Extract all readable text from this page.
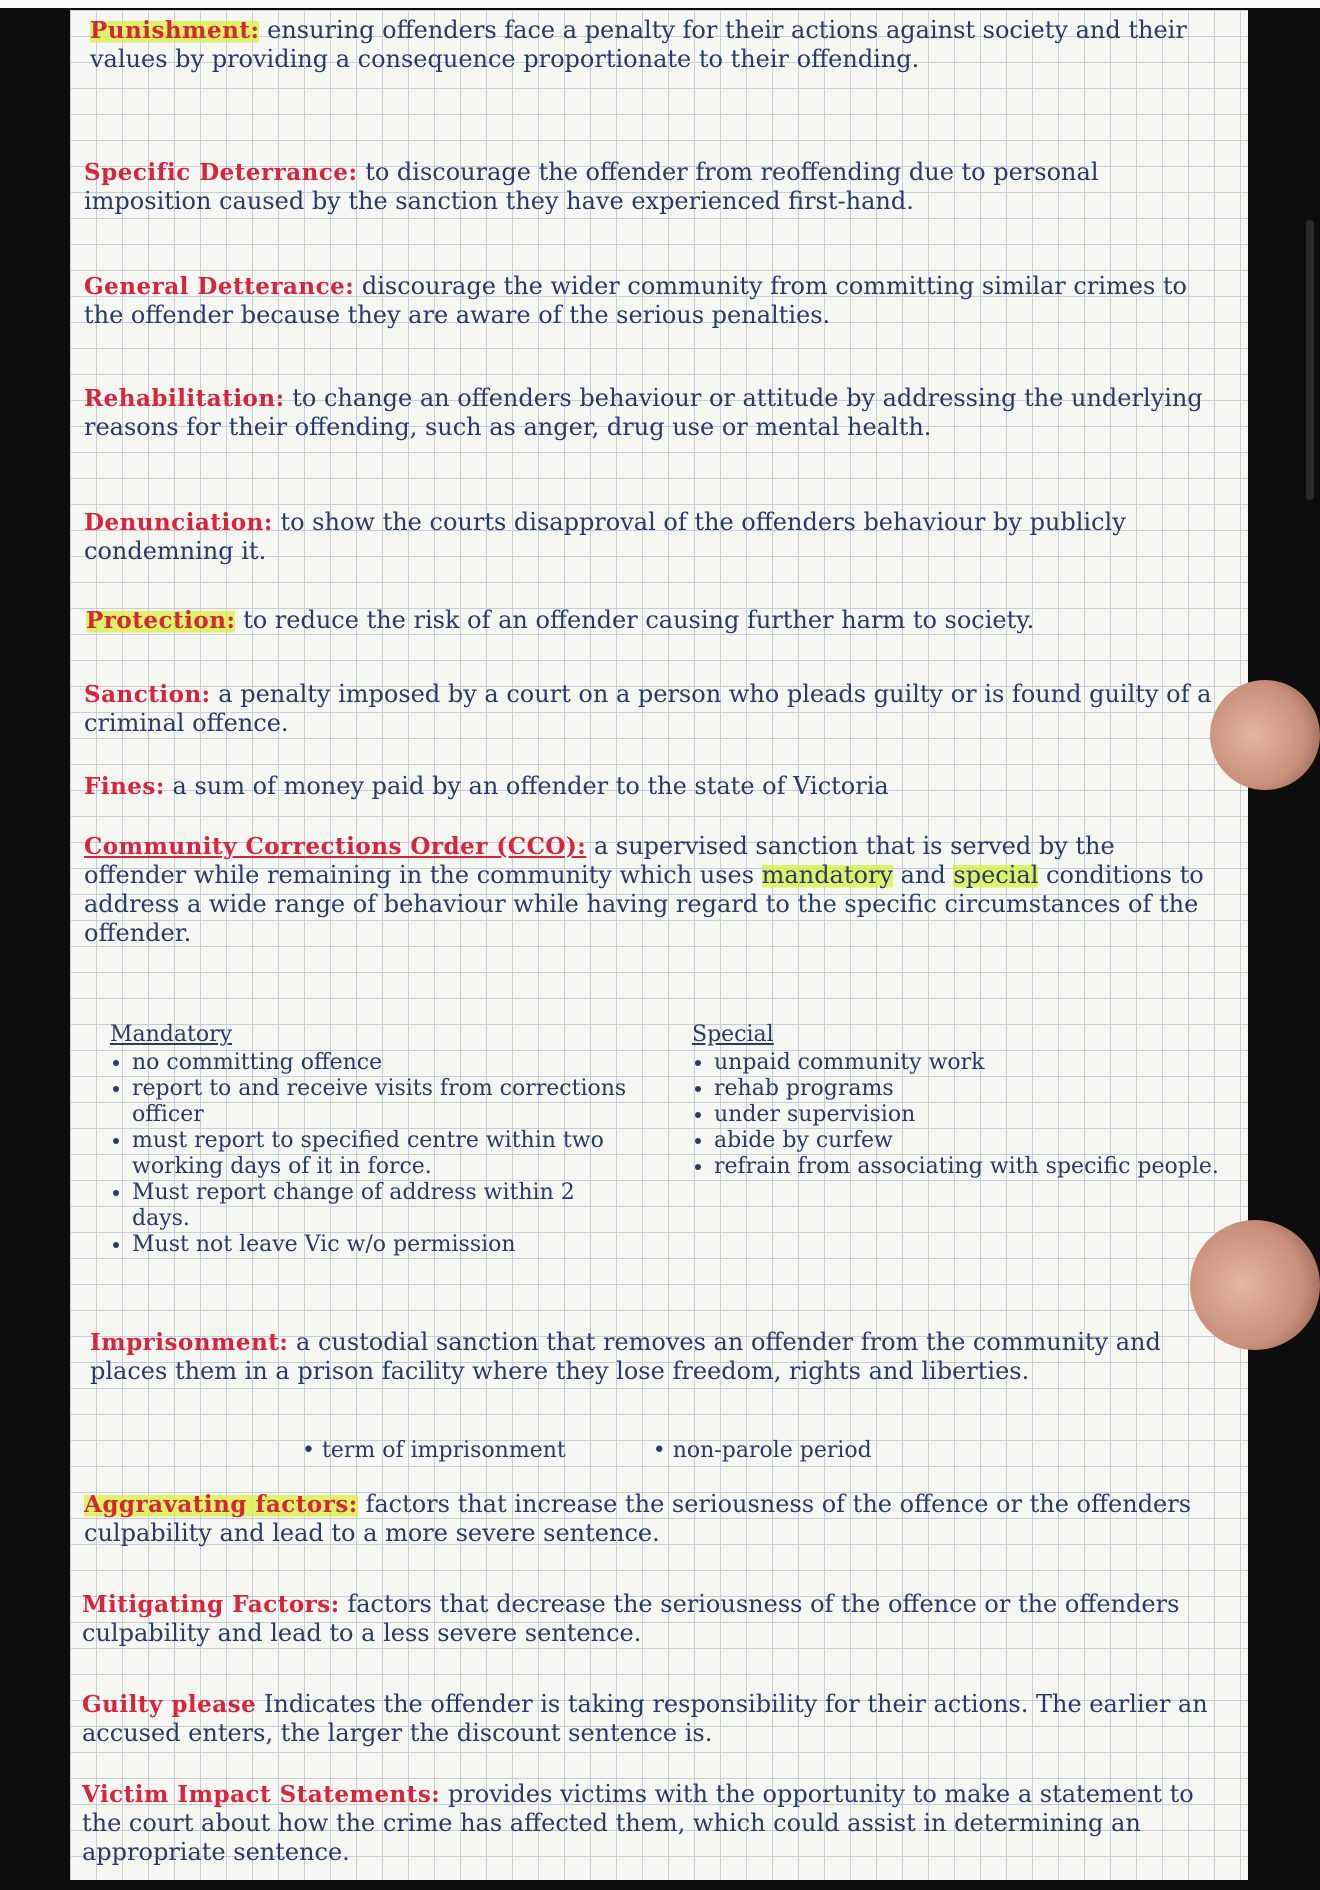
Punishment: ensuring offenders face a penalty for their actions against society and their values by providing a consequence proportionate to their offending.
Specific Deterrance: to discourage the offender from reoffending due to personal imposition caused by the sanction they have experienced first-hand.
General Detterance: discourage the wider community from committing similar crimes to the offender because they are aware of the serious penalties.
Rehabilitation: to change an offenders behaviour or attitude by addressing the underlying reasons for their offending, such as anger, drug use or mental health.
Denunciation: to show the courts disapproval of the offenders behaviour by publicly condemning it.
Protection: to reduce the risk of an offender causing further harm to society.
Sanction: a penalty imposed by a court on a person who pleads guilty or is found guilty of a criminal offence.
Fines: a sum of money paid by an offender to the state of Victoria
Community Corrections Order (CCO): a supervised sanction that is served by the offender while remaining in the community which uses mandatory and special conditions to address a wide range of behaviour while having regard to the specific circumstances of the offender.
Mandatory
• no committing offence
• report to and receive visits from corrections officer
• must report to specified centre within two working days of it in force.
• Must report change of address within 2 days.
• Must not leave Vic w/o permission
Special
• unpaid community work
• rehab programs
• under supervision
• abide by curfew
• refrain from associating with specific people.
Imprisonment: a custodial sanction that removes an offender from the community and places them in a prison facility where they lose freedom, rights and liberties.
• term of imprisonment	• non-parole period
Aggravating factors: factors that increase the seriousness of the offence or the offenders culpability and lead to a more severe sentence.
Mitigating Factors: factors that decrease the seriousness of the offence or the offenders culpability and lead to a less severe sentence.
Guilty please Indicates the offender is taking responsibility for their actions. The earlier an accused enters, the larger the discount sentence is.
Victim Impact Statements: provides victims with the opportunity to make a statement to the court about how the crime has affected them, which could assist in determining an appropriate sentence.
